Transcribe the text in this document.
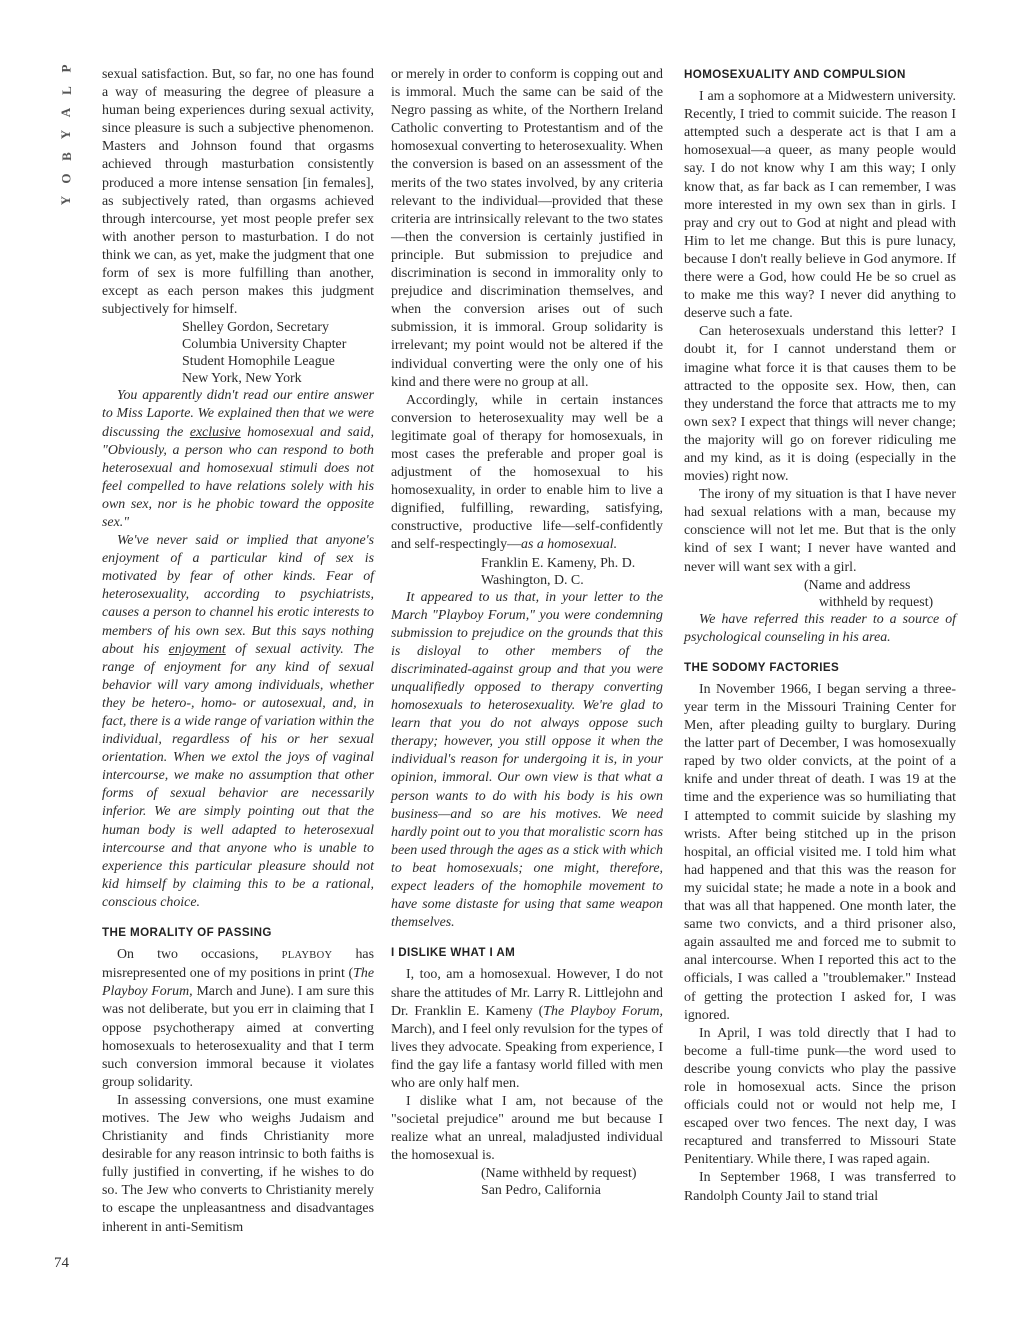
P
L
A
Y
B
O
Y
74

sexual satisfaction. But, so far, no one has found a way of measuring the degree of pleasure a human being experiences during sexual activity, since pleasure is such a subjective phenomenon. Masters and Johnson found that orgasms achieved through masturbation consistently produced a more intense sensation [in females], as subjectively rated, than orgasms achieved through intercourse, yet most people prefer sex with another person to masturbation. I do not think we can, as yet, make the judgment that one form of sex is more fulfilling than another, except as each person makes this judgment subjectively for himself.

Shelley Gordon, Secretary

Columbia University Chapter

Student Homophile League

New York, New York

You apparently didn't read our entire answer to Miss Laporte. We explained then that we were discussing the exclusive homosexual and said, "Obviously, a person who can respond to both heterosexual and homosexual stimuli does not feel compelled to have relations solely with his own sex, nor is he phobic toward the opposite sex."

We've never said or implied that anyone's enjoyment of a particular kind of sex is motivated by fear of other kinds. Fear of heterosexuality, according to psychiatrists, causes a person to channel his erotic interests to members of his own sex. But this says nothing about his enjoyment of sexual activity. The range of enjoyment for any kind of sexual behavior will vary among individuals, whether they be hetero-, homo- or autosexual, and, in fact, there is a wide range of variation within the individual, regardless of his or her sexual orientation. When we extol the joys of vaginal intercourse, we make no assumption that other forms of sexual behavior are necessarily inferior. We are simply pointing out that the human body is well adapted to heterosexual intercourse and that anyone who is unable to experience this particular pleasure should not kid himself by claiming this to be a rational, conscious choice.

THE MORALITY OF PASSING

On two occasions, PLAYBOY has misrepresented one of my positions in print (The Playboy Forum, March and June). I am sure this was not deliberate, but you err in claiming that I oppose psychotherapy aimed at converting homosexuals to heterosexuality and that I term such conversion immoral because it violates group solidarity.

In assessing conversions, one must examine motives. The Jew who weighs Judaism and Christianity and finds Christianity more desirable for any reason intrinsic to both faiths is fully justified in converting, if he wishes to do so. The Jew who converts to Christianity merely to escape the unpleasantness and disadvantages inherent in anti-Semitism

or merely in order to conform is copping out and is immoral. Much the same can be said of the Negro passing as white, of the Northern Ireland Catholic converting to Protestantism and of the homosexual converting to heterosexuality. When the conversion is based on an assessment of the merits of the two states involved, by any criteria relevant to the individual—provided that these criteria are intrinsically relevant to the two states—then the conversion is certainly justified in principle. But submission to prejudice and discrimination is second in immorality only to prejudice and discrimination themselves, and when the conversion arises out of such submission, it is immoral. Group solidarity is irrelevant; my point would not be altered if the individual converting were the only one of his kind and there were no group at all.

Accordingly, while in certain instances conversion to heterosexuality may well be a legitimate goal of therapy for homosexuals, in most cases the preferable and proper goal is adjustment of the homosexual to his homosexuality, in order to enable him to live a dignified, fulfilling, rewarding, satisfying, constructive, productive life—self-confidently and self-respectingly—as a homosexual.

Franklin E. Kameny, Ph. D.

Washington, D. C.

It appeared to us that, in your letter to the March "Playboy Forum," you were condemning submission to prejudice on the grounds that this is disloyal to other members of the discriminated-against group and that you were unqualifiedly opposed to therapy converting homosexuals to heterosexuality. We're glad to learn that you do not always oppose such therapy; however, you still oppose it when the individual's reason for undergoing it is, in your opinion, immoral. Our own view is that what a person wants to do with his body is his own business—and so are his motives. We need hardly point out to you that moralistic scorn has been used through the ages as a stick with which to beat homosexuals; one might, therefore, expect leaders of the homophile movement to have some distaste for using that same weapon themselves.

I DISLIKE WHAT I AM

I, too, am a homosexual. However, I do not share the attitudes of Mr. Larry R. Littlejohn and Dr. Franklin E. Kameny (The Playboy Forum, March), and I feel only revulsion for the types of lives they advocate. Speaking from experience, I find the gay life a fantasy world filled with men who are only half men.

I dislike what I am, not because of the "societal prejudice" around me but because I realize what an unreal, maladjusted individual the homosexual is.

(Name withheld by request)

San Pedro, California

HOMOSEXUALITY AND COMPULSION

I am a sophomore at a Midwestern university. Recently, I tried to commit suicide. The reason I attempted such a desperate act is that I am a homosexual—a queer, as many people would say. I do not know why I am this way; I only know that, as far back as I can remember, I was more interested in my own sex than in girls. I pray and cry out to God at night and plead with Him to let me change. But this is pure lunacy, because I don't really believe in God anymore. If there were a God, how could He be so cruel as to make me this way? I never did anything to deserve such a fate.

Can heterosexuals understand this letter? I doubt it, for I cannot understand them or imagine what force it is that causes them to be attracted to the opposite sex. How, then, can they understand the force that attracts me to my own sex? I expect that things will never change; the majority will go on forever ridiculing me and my kind, as it is doing (especially in the movies) right now.

The irony of my situation is that I have never had sexual relations with a man, because my conscience will not let me. But that is the only kind of sex I want; I never have wanted and never will want sex with a girl.

(Name and address

withheld by request)

We have referred this reader to a source of psychological counseling in his area.

THE SODOMY FACTORIES

In November 1966, I began serving a three-year term in the Missouri Training Center for Men, after pleading guilty to burglary. During the latter part of December, I was homosexually raped by two older convicts, at the point of a knife and under threat of death. I was 19 at the time and the experience was so humiliating that I attempted to commit suicide by slashing my wrists. After being stitched up in the prison hospital, an official visited me. I told him what had happened and that this was the reason for my suicidal state; he made a note in a book and that was all that happened. One month later, the same two convicts, and a third prisoner also, again assaulted me and forced me to submit to anal intercourse. When I reported this act to the officials, I was called a "troublemaker." Instead of getting the protection I asked for, I was ignored.

In April, I was told directly that I had to become a full-time punk—the word used to describe young convicts who play the passive role in homosexual acts. Since the prison officials could not or would not help me, I escaped over two fences. The next day, I was recaptured and transferred to Missouri State Penitentiary. While there, I was raped again.

In September 1968, I was transferred to Randolph County Jail to stand trial
